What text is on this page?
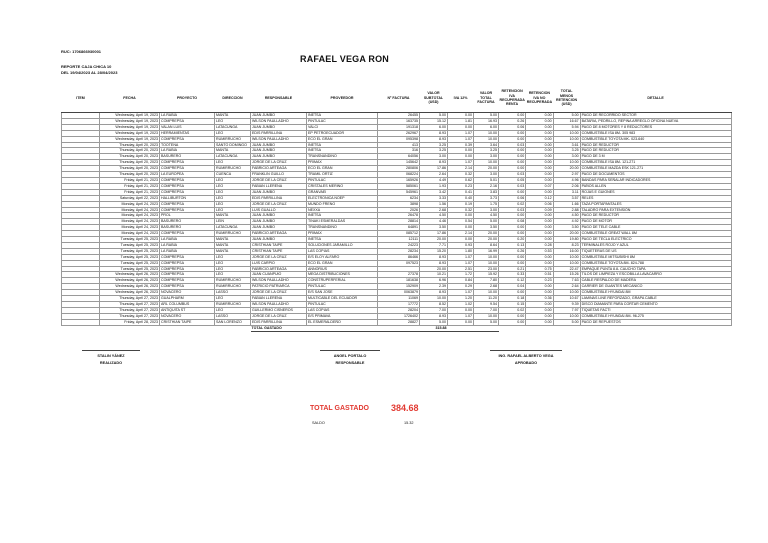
RUC: 1706866930001
REPORTE CAJA CHICA 10
DEL 19/04/2023 AL 28/04/2023
RAFAEL VEGA RON
ITEM	FECHA	PROYECTO	DIRECCION	RESPONSABLE	PROVEEDOR	Nº FACTURA	VALOR SUBTOTAL (USD)	IVA 12%	VALOR TOTAL FACTURA	RETENCION IVA RECUPERADA RENTA	RETENCION IVA NO RECUPERADA	TOTAL MENOS RETENCION (USD)	DETALLE
	Wednesday, April 19, 2023	LA RABIA	MANTA	JUAN JUMBO	INETSA	26455	5.00	0.00	5.00	0.00	0.00	5.00	PAGO DE RECORRIDO SECTOR
	Wednesday, April 19, 2023	COMPREPSA	LEO	WILSON PAULLADHO	PINTULAC	163735	15.12	1.81	16.93	0.26	0.00	16.67	BATARIA, PEDRILLO, REPINA ARREGLO OFICINA NUEVA
	Wednesday, April 19, 2023	VALAN LUIS	LATACUNGA	JUAN JUMBO	VALCI	191318	6.00	0.00	6.00	0.06	0.00	5.94	PAGO DE 8 MOTORES Y 8 REDUCTORES
	Wednesday, April 19, 2023	HERRAMIENTAS	LEO	EDIS PARRILLINA	EP PETROECUADOR	262967	8.93	1.07	10.00	0.00	0.00	10.00	COMBUSTIBLE ISA 8M- 305 983
	Wednesday, April 19, 2023	COMPREPSA	RUMIRRUCHO	WILSON PAULLADHO	ECO EL GRAN	095398	8.93	1.07	10.00	0.00	0.00	10.00	COMBUSTIBLE TOYOTA MK- 023-640
	Thursday, April 20, 2023	TOOTENA	SANTO DOMINGO	JUAN JUMBO	INETSA	413	3.25	0.39	3.64	0.03	0.00	3.61	PAGO DE REDUCTOR
	Thursday, April 20, 2023	LA RABIA	MANTA	JUAN JUMBO	INETSA	316	3.25	0.00	3.25	0.00	0.00	3.25	PAGO DE REDUCTOR
	Thursday, April 20, 2023	BASURERO	LATACUNGA	JUAN JUMBO	TRANSNANDINO	64056	3.00	0.00	3.00	0.00	0.00	3.00	PAGO DE 3 M
	Thursday, April 20, 2023	COMPREPSA	LEO	JORGE DE LA CRUZ	PRIMAX	145642	8.93	1.07	10.00	0.00	0.00	10.00	COMBUSTIBLE ISA 8M- 121-271
	Thursday, April 20, 2023	COMPREPSA	RUMIRRUCHO	FABRICIO ARTEAGA	ECO EL GRAN	280806	17.86	2.14	20.00	0.00	0.00	20.00	COMBUSTIBLE MAZDA ESK 121-271
	Thursday, April 20, 2023	LA EUROPEA	CUENCA	FRANKLIN GUILLO	TRAMIL ORTIZ	068224	2.64	0.32	3.00	0.03	0.00	2.97	PAGO DE DOCUMENTOS
	Friday, April 21, 2023	COMPREPSA	LEO	JORGE DE LA CRUZ	PINTULAC	165926	4.49	0.62	5.01	0.05	0.00	4.96	BANDAS PARA SEÑALAR INDICADORES
	Friday, April 21, 2023	COMPREPSA	LEO	FABIAN LLERENA	CRISTALES MERINO	585061	1.93	0.23	2.16	0.03	0.07	2.06	PAÑOS ALLEN
	Friday, April 21, 2023	COMPREPSA	LEO	JUAN JUMBO	GRANVAEI	545961	3.42	0.41	3.83	0.00	0.00	3.11	ROJAS E GUIONES
	Saturday, April 22, 2023	HALLIBURTON	LEO	EDIS PARRILLINA	ELECTRONICA NOEP	6234	3.33	0.40	3.73	0.06	0.12	3.57	RELES
	Monday, April 24, 2023	COMPREPSA	LEO	JORGE DE LA CRUZ	MUNDO FRENO	3898	1.56	0.19	1.75	0.02	0.06	1.66	TAZA PORTAPANTALES
	Monday, April 24, 2023	COMPREPSA	LEO	LUIS GUALLO	NEXXA	2026	2.68	0.32	3.00	0.03	0.09	2.88	TALADRO PARA EXTENSIÓN
	Monday, April 24, 2023	PROL	MANTA	JUAN JUMBO	INETSA	26478	4.50	0.00	4.50	0.00	0.00	4.50	PAGO DE REDUCTOR
	Monday, April 24, 2023	BASURERO	LEIN	JUAN JUMBO	TINAKI ESMERALDAS	28814	4.46	0.54	5.00	0.08	0.00	4.92	PAGO DE MOTOR
	Monday, April 24, 2023	BASURERO	LATACUNGA	JUAN JUMBO	TRANSNANDINO	64891	3.50	0.00	3.50	0.00	0.00	3.50	PAGO DE TELE CABLE
	Monday, April 24, 2023	COMPREPSA	RUMIRRUCHO	FABRICIO ARTEAGA	PRIMAX	085712	17.86	2.14	20.00	0.00	0.00	20.00	COMBUSTIBLE GREAT WALL 8M
	Tuesday, April 25, 2023	LA RABIA	MANTA	JUAN JUMBO	INETSA	12111	20.00	0.00	20.00	0.20	0.00	19.80	PAGO DE TECLA ELECTRICO
	Tuesday, April 25, 2023	LA RABIA	MANTA	CRISTHIAN TAIPE	SOLUCIONES JARAMILLO	24223	7.71	0.93	8.64	0.13	0.28	8.23	TERMINALES ROJO Y AZUL
	Tuesday, April 25, 2023	LA RABIA	MANTA	CRISTHIAN TAIPE	LAS COPIAS	28234	15.20	1.80	16.99	0.26	0.53	16.00	TIQUETERAS DE US
	Tuesday, April 25, 2023	COMPREPSA	LEO	JORGE DE LA CRUZ	E/S ELOY ALFARO	86466	8.93	1.07	10.00	0.00	0.00	10.00	COMBUSTIBLE MITSUBISHI 8M
	Tuesday, April 25, 2023	COMPREPSA	LEO	LUIS CARPIO	ECO EL GRAN	097523	8.93	1.07	10.00	0.00	0.00	10.00	COMBUSTIBLE TOYOTA 8M- 824-788
	Tuesday, April 25, 2023	COMPREPSA	LEO	FABRICIO ARTEAGA	ANNORIUS		20.00	2.51	23.00	0.21	0.75	22.47	EMPAQUE PUNTA 8.8- CAUCHO TAPA
	Wednesday, April 26, 2023	COMPREPSA	LEO	JUAN CUANPUIO	MEGA DISTRIBUCIONES	27378	10.21	1.72	15.92	0.33	0.51	15.26	TILOS DE LIMPIEZA Y ESCOBILLA LAVACARRO
	Wednesday, April 26, 2023	COMPREPSA	RUMIRRUCHO	WILSON PAULLADHO	CONSTRUPERFERIAL	181638	6.96	0.84	7.80	0.12	0.23	7.63	CABLE RESPALDO DE MADERA
	Wednesday, April 26, 2023	COMPREPSA	RUMIRRUCHO	PATRICIO PATRIARCA	PINTULAC	152909	2.39	0.29	2.68	0.04	0.00	2.64	CARRIER DE GUANTES MECANICO
	Wednesday, April 26, 2023	NOVACERO	LASSO	JORGE DE LA CRUZ	E/S SAN JOSE	0063879	8.93	1.07	10.00	0.00	0.00	10.00	COMBUSTIBLE HYUNDAI 8M
	Thursday, April 27, 2023	GUALPHARM	LEO	FABIAN LLERENA	MULTICABLE DEL ECUADOR	11069	10.00	1.20	11.20	0.18	0.36	10.67	LAMINAS LINE REFORZADO, GRAPA CABLE
	Thursday, April 27, 2023	ARL COLUMBUS	RUMIRRUCHO	WILSON PAULLADHO	PINTULAC	17772	8.52	1.02	9.54	0.15	0.00	9.39	DISCO DIAMANTE PARA CORTAR CEMENTO
	Thursday, April 27, 2023	ANTIQUITA ST	LEO	GUILLERMO CISNEROS	LAS COPIAS	28204	7.00	0.00	7.00	0.02	0.00	7.97	TIQUETAS FACTI
	Thursday, April 27, 2023	NOVACERO	LASSO	JORGE DE LA CRUZ	E/S PRIMAVA	1726402	8.93	1.07	10.00	0.00	0.00	10.00	COMBUSTIBLE HYUNDAI 8M- 96-275
	Friday, April 28, 2023	CRISTHIAN TAIPE	SAN LORENZO	EDIS PARRILLINA	EL ESMERALDEÑO	28827	5.00	0.00	5.00	0.00	0.00	5.00	PAGO DE REPUESTOS
				TOTAL GASTADO			315.88						
STALIN YÁNEZ
REALIZADO
ANGEL PORTALO
RESPONSABLE
ING. RAFAEL ALBERTO VEGA
APROBADO
TOTAL GASTADO 384.68
SALDO	15.32
